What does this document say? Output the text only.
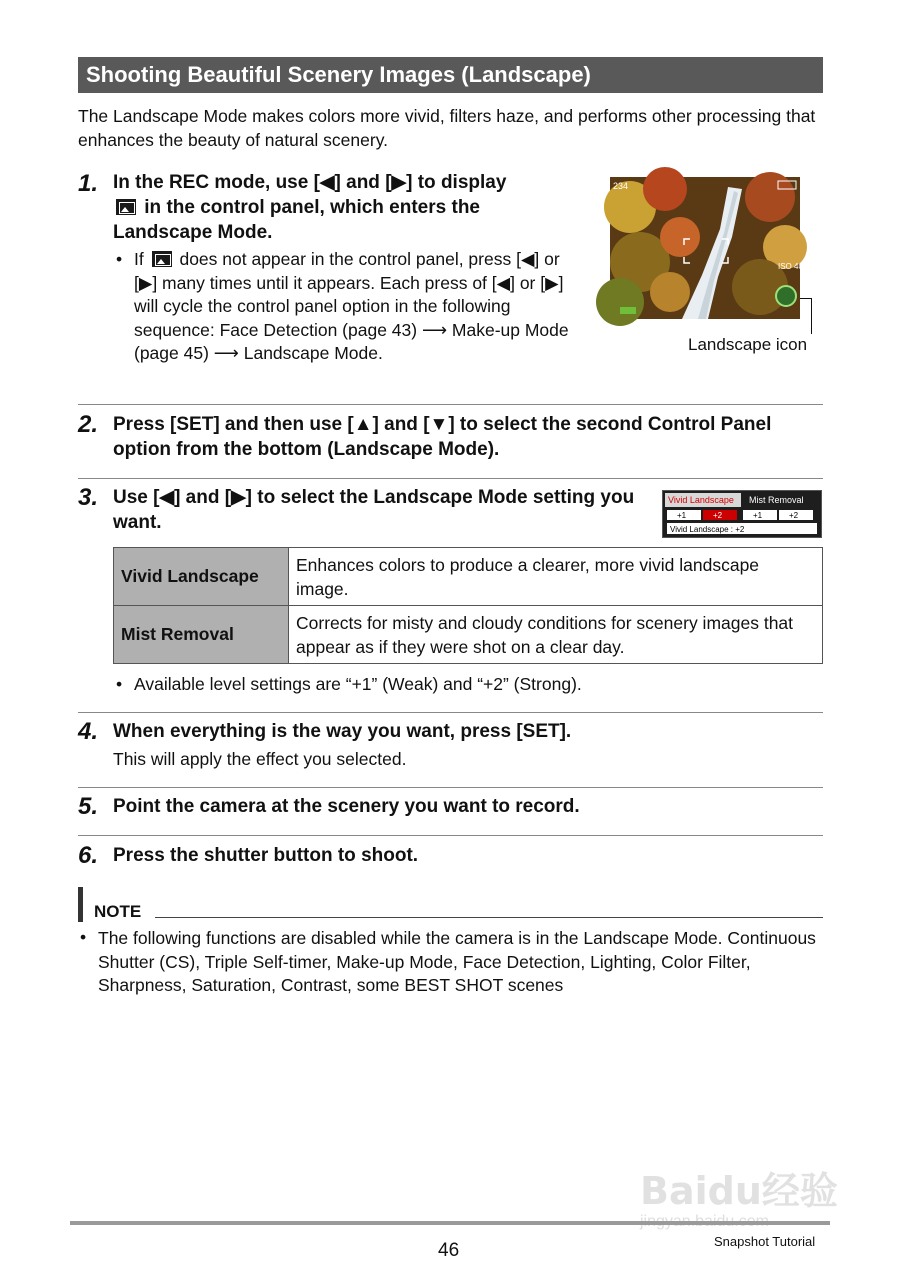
Shooting Beautiful Scenery Images (Landscape)

The Landscape Mode makes colors more vivid, filters haze, and performs other processing that enhances the beauty of natural scenery.

1. In the REC mode, use [◀] and [▶] to display
in the control panel, which enters the
Landscape Mode.
• If  does not appear in the control panel, press [◀] or [▶] many times until it appears. Each press of [◀] or [▶] will cycle the control panel option in the following sequence: Face Detection (page 43) ⟶ Make-up Mode (page 45) ⟶ Landscape Mode.
234
ISO 400
Landscape icon
2. Press [SET] and then use [▲] and [▼] to select the second Control Panel option from the bottom (Landscape Mode).
3. Use [◀] and [▶] to select the Landscape Mode setting you want.
Vivid Landscape Mist Removal
+1	+2	+1	+2
Vivid Landscape : +2
Vivid Landscape	Enhances colors to produce a clearer, more vivid landscape image.
Mist Removal	Corrects for misty and cloudy conditions for scenery images that appear as if they were shot on a clear day.
• Available level settings are “+1” (Weak) and “+2” (Strong).
4. When everything is the way you want, press [SET].
This will apply the effect you selected.
5. Point the camera at the scenery you want to record.
6. Press the shutter button to shoot.
NOTE
• The following functions are disabled while the camera is in the Landscape Mode. Continuous Shutter (CS), Triple Self-timer, Make-up Mode, Face Detection, Lighting, Color Filter, Sharpness, Saturation, Contrast, some BEST SHOT scenes
Baidu经验
46	Snapshot Tutorial
